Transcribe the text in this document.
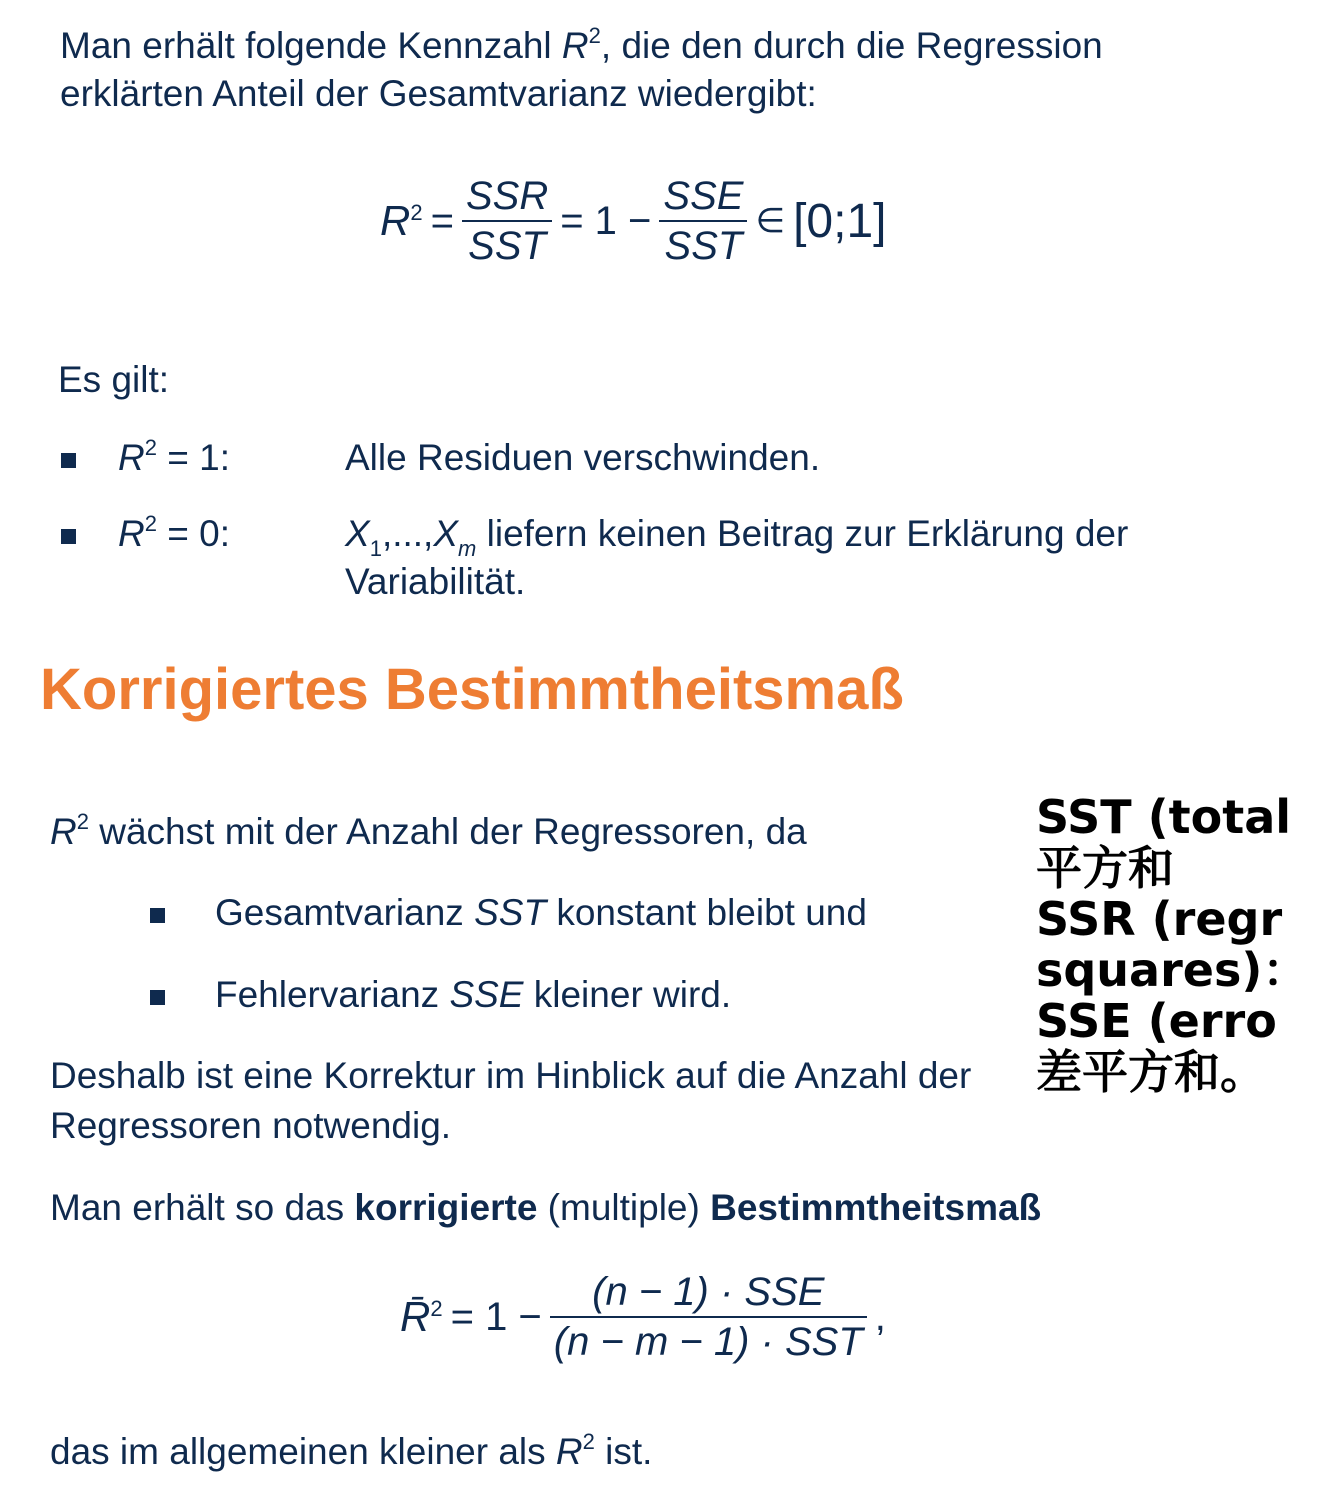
Man erhält folgende Kennzahl $R^2$, die den durch die Regression
erklärten Anteil der Gesamtvarianz wiedergibt:
$R^2 = \frac{\text{SSR}}{\text{SST}} = 1 - \frac{\text{SSE}}{\text{SST}}$ ∈ [0;1]
Es gilt:
$R^2 = 1$:	Alle Residuen verschwinden.
$R^2 = 0$:	$X_1,...,X_m$ liefern keinen Beitrag zur Erklärung der
Variabilität.
Korrigiertes Bestimmtheitsmaß
$R^2$ wächst mit der Anzahl der Regressoren, da
Gesamtvarianz SST konstant bleibt und
Fehlervarianz SSE kleiner wird.
Deshalb ist eine Korrektur im Hinblick auf die Anzahl der
Regressoren notwendig.
Man erhält so das korrigierte (multiple) Bestimmtheitsmaß
R̄$^2$ = $1 - \frac{\text{(n − 1) · SSE}}{\text{(n − m − 1) · SST}}$ ,
das im allgemeinen kleiner als $R^2$ ist.
SST (total
平方和
SSR (regr
squares)：
SSE (erro
差平方和。
